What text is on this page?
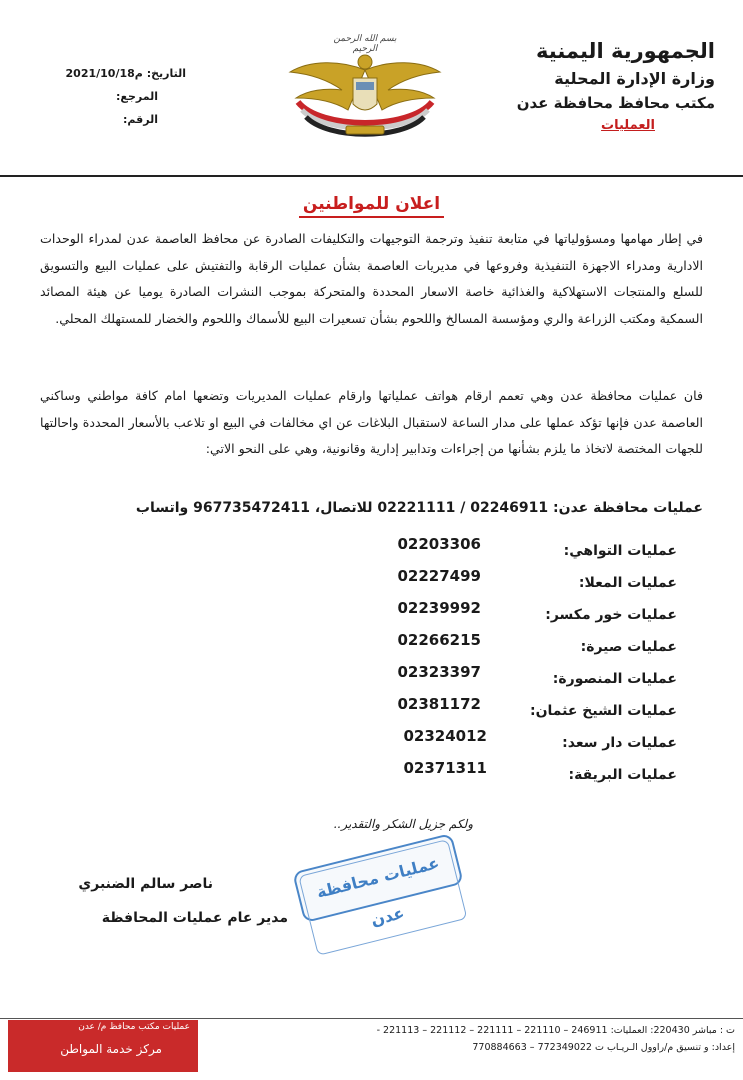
الجمهورية اليمنية
وزارة الإدارة المحلية
مكتب محافظ محافظة عدن
العمليات
بسم الله الرحمن الرحيم
التاريخ: 2021/10/18م
المرجع:
الرقم:
اعلان للمواطنين
في إطار مهامها ومسؤولياتها في متابعة تنفيذ وترجمة التوجيهات والتكليفات الصادرة عن محافظ العاصمة عدن لمدراء الوحدات الادارية ومدراء الاجهزة التنفيذية وفروعها في مديريات العاصمة بشأن عمليات الرقابة والتفتيش على عمليات البيع والتسويق للسلع والمنتجات الاستهلاكية والغذائية خاصة الاسعار المحددة والمتحركة بموجب النشرات الصادرة يوميا عن هيئة المصائد السمكية ومكتب الزراعة والري ومؤسسة المسالخ واللحوم بشأن تسعيرات البيع للأسماك واللحوم والخضار للمستهلك المحلي.
فان عمليات محافظة عدن وهي تعمم ارقام هواتف عملياتها وارقام عمليات المديريات وتضعها امام كافة مواطني وساكني العاصمة عدن فإنها تؤكد عملها على مدار الساعة لاستقبال البلاغات عن اي مخالفات في البيع او تلاعب بالأسعار المحددة واحالتها للجهات المختصة لاتخاذ ما يلزم بشأنها من إجراءات وتدابير إدارية وقانونية، وهي على النحو الاتي:
عمليات محافظة عدن: 02221111 / 02246911 للاتصال، 967735472411 واتساب
عمليات التواهي:
02203306
عمليات المعلا:
02227499
عمليات خور مكسر:
02239992
عمليات صيرة:
02266215
عمليات المنصورة:
02323397
عمليات الشيخ عثمان:
02381172
عمليات دار سعد:
02324012
عمليات البريقة:
02371311
ولكم جزيل الشكر والتقدير..
عمليات محافظة عدن
ناصر سالم الضنبري
مدير عام عمليات المحافظة
عمليات مكتب محافظ م/ عدن
مركز خدمة المواطن
ت : مباشر 220430: العمليات: 246911 – 221110 – 221111 – 221112 – 221113 -
إعداد: و تنسيق م/راوول الـريـاب ت 772349022 – 770884663
